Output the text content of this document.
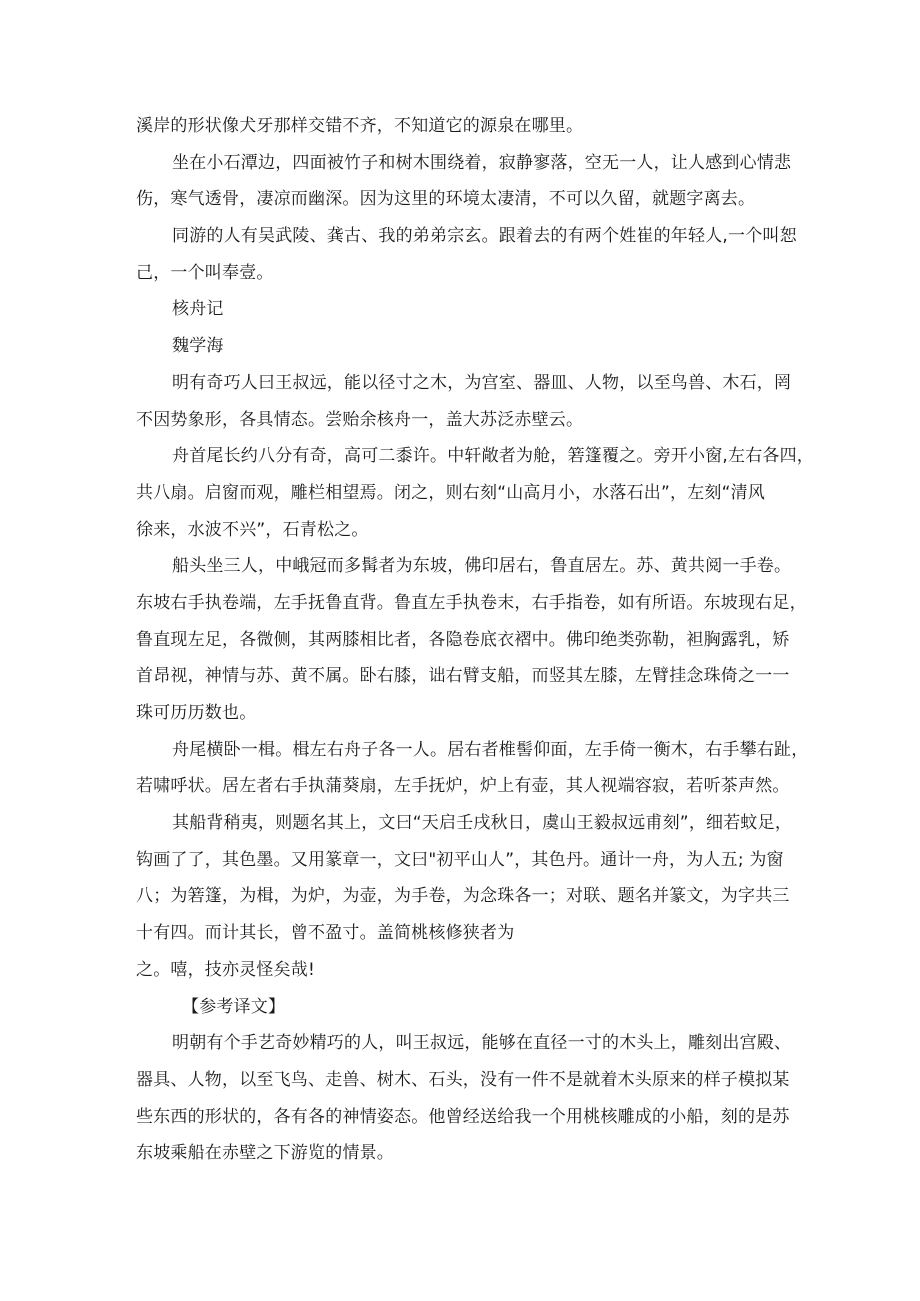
溪岸的形状像犬牙那样交错不齐，不知道它的源泉在哪里。
坐在小石潭边，四面被竹子和树木围绕着，寂静寥落，空无一人，让人感到心情悲
伤，寒气透骨，凄凉而幽深。因为这里的环境太凄清，不可以久留，就题字离去。
同游的人有吴武陵、龚古、我的弟弟宗玄。跟着去的有两个姓崔的年轻人,一个叫恕
己，一个叫奉壹。
核舟记
魏学海
明有奇巧人曰王叔远，能以径寸之木，为宫室、器皿、人物，以至鸟兽、木石，罔
不因势象形，各具情态。尝贻余核舟一，盖大苏泛赤壁云。
舟首尾长约八分有奇，高可二黍许。中轩敞者为舱，箬篷覆之。旁开小窗,左右各四，
共八扇。启窗而观，雕栏相望焉。闭之，则右刻“山高月小，水落石出”，左刻“清风
徐来，水波不兴”，石青松之。
船头坐三人，中峨冠而多髯者为东坡，佛印居右，鲁直居左。苏、黄共阅一手卷。
东坡右手执卷端，左手抚鲁直背。鲁直左手执卷末，右手指卷，如有所语。东坡现右足，
鲁直现左足，各微侧，其两膝相比者，各隐卷底衣褶中。佛印绝类弥勒，袒胸露乳，矫
首昂视，神情与苏、黄不属。卧右膝，诎右臂支船，而竖其左膝，左臂挂念珠倚之一一
珠可历历数也。
舟尾横卧一楫。楫左右舟子各一人。居右者椎髻仰面，左手倚一衡木，右手攀右趾，
若啸呼状。居左者右手执蒲葵扇，左手抚炉，炉上有壶，其人视端容寂，若听茶声然。
其船背稍夷，则题名其上，文曰“天启壬戌秋日，虞山王毅叔远甫刻”，细若蚊足，
钩画了了，其色墨。又用篆章一，文曰"初平山人”，其色丹。通计一舟，为人五; 为窗
八；为箬篷，为楫，为炉，为壶，为手卷，为念珠各一；对联、题名并篆文，为字共三
十有四。而计其长，曾不盈寸。盖简桃核修狭者为
之。嘻，技亦灵怪矣哉!
【参考译文】
明朝有个手艺奇妙精巧的人，叫王叔远，能够在直径一寸的木头上，雕刻出宫殿、
器具、人物，以至飞鸟、走兽、树木、石头，没有一件不是就着木头原来的样子模拟某
些东西的形状的，各有各的神情姿态。他曾经送给我一个用桃核雕成的小船，刻的是苏
东坡乘船在赤壁之下游览的情景。
